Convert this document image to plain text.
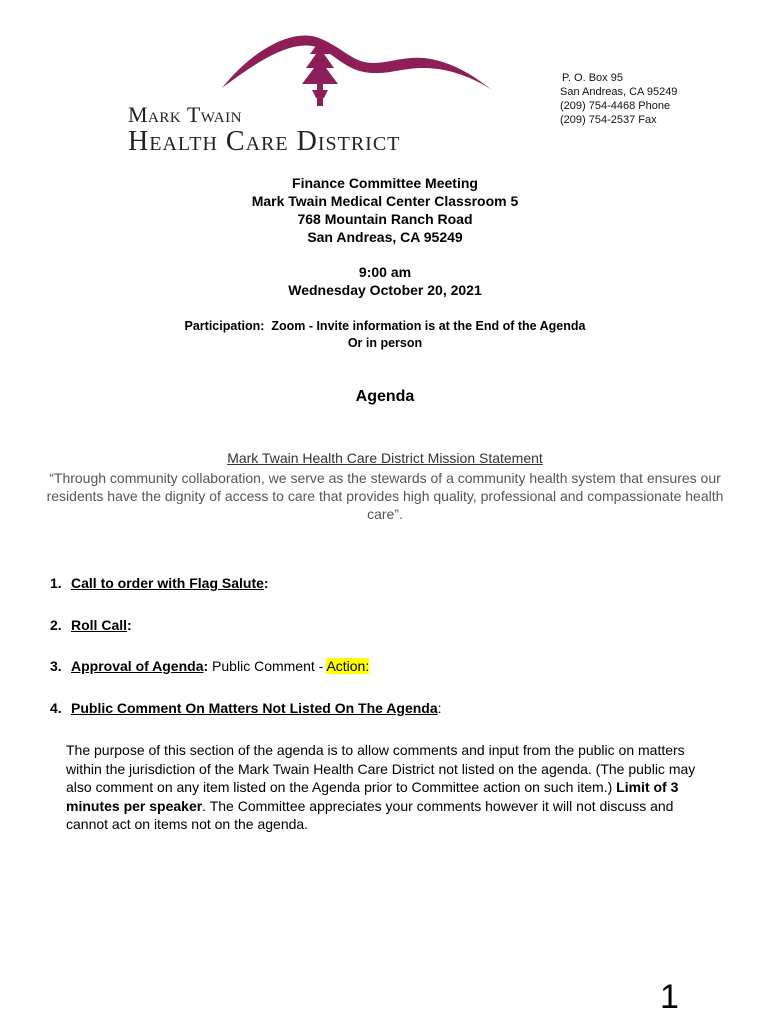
Mark Twain
Health Care District
P. O. Box 95
San Andreas, CA 95249
(209) 754-4468 Phone
(209) 754-2537 Fax
Finance Committee Meeting
Mark Twain Medical Center Classroom 5
768 Mountain Ranch Road
San Andreas, CA 95249
9:00 am
Wednesday October 20, 2021
Participation:  Zoom - Invite information is at the End of the Agenda
Or in person
Agenda
Mark Twain Health Care District Mission Statement
“Through community collaboration, we serve as the stewards of a community health system that ensures our residents have the dignity of access to care that provides high quality, professional and compassionate health care”.
1. Call to order with Flag Salute:
2. Roll Call:
3. Approval of Agenda: Public Comment - Action:
4. Public Comment On Matters Not Listed On The Agenda:
The purpose of this section of the agenda is to allow comments and input from the public on matters within the jurisdiction of the Mark Twain Health Care District not listed on the agenda. (The public may also comment on any item listed on the Agenda prior to Committee action on such item.) Limit of 3 minutes per speaker. The Committee appreciates your comments however it will not discuss and cannot act on items not on the agenda.
1
